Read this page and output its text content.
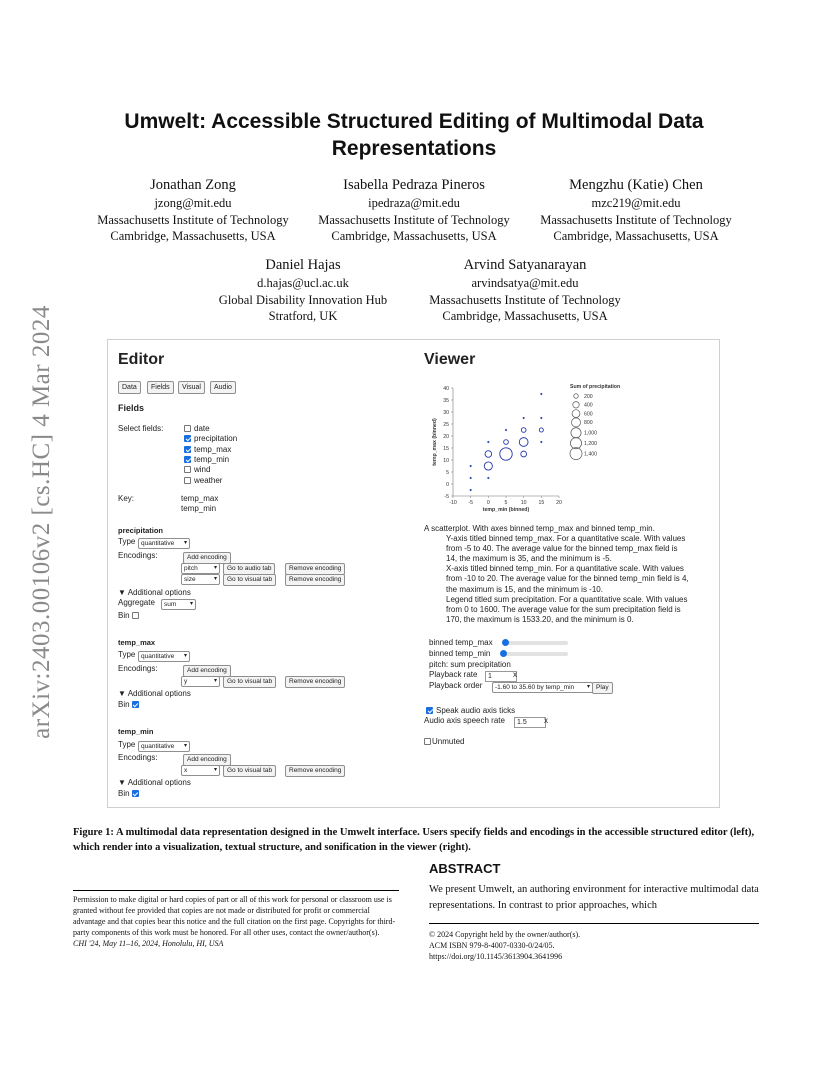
arXiv:2403.00106v2 [cs.HC] 4 Mar 2024
Umwelt: Accessible Structured Editing of Multimodal Data
Representations
Jonathan Zong
jzong@mit.edu
Massachusetts Institute of Technology
Cambridge, Massachusetts, USA
Isabella Pedraza Pineros
ipedraza@mit.edu
Massachusetts Institute of Technology
Cambridge, Massachusetts, USA
Mengzhu (Katie) Chen
mzc219@mit.edu
Massachusetts Institute of Technology
Cambridge, Massachusetts, USA
Daniel Hajas
d.hajas@ucl.ac.uk
Global Disability Innovation Hub
Stratford, UK
Arvind Satyanarayan
arvindsatya@mit.edu
Massachusetts Institute of Technology
Cambridge, Massachusetts, USA
Editor
Data	Fields	Visual	Audio
Fields
Select fields:	date
precipitation
temp_max
temp_min
wind
weather
Key:	temp_max
temp_min
precipitation
Type quantitative ▾
Encodings:	Add encoding
pitch ▾	Go to audio tab	Remove encoding
size ▾	Go to visual tab	Remove encoding
▼ Additional options
Aggregate	sum ▾
Bin
temp_max
Type quantitative ▾
Encodings:	Add encoding
y ▾	Go to visual tab	Remove encoding
▼ Additional options
Bin
temp_min
Type quantitative ▾
Encodings:	Add encoding
x ▾	Go to visual tab	Remove encoding
▼ Additional options
Bin
Viewer
-5
0
5
10
15
20
25
30
35
40
-10 -5	0	5	10 15 20
temp_min (binned)
temp_max (binned)
Sum of precipitation
200
400
600
800
1,000
1,200
1,400
A scatterplot. With axes binned temp_max and binned temp_min.
Y-axis titled binned temp_max. For a quantitative scale. With values
from -5 to 40. The average value for the binned temp_max field is
14, the maximum is 35, and the minimum is -5.
X-axis titled binned temp_min. For a quantitative scale. With values
from -10 to 20. The average value for the binned temp_min field is 4,
the maximum is 15, and the minimum is -10.
Legend titled sum precipitation. For a quantitative scale. With values
from 0 to 1600. The average value for the sum precipitation field is
170, the maximum is 1533.20, and the minimum is 0.
binned temp_max
binned temp_min
pitch: sum precipitation
Playback rate	1	x
Playback order	-1.60 to 35.60 by temp_min ▾	Play
Speak audio axis ticks
Audio axis speech rate	1.5	x
Unmuted
Figure 1: A multimodal data representation designed in the Umwelt interface. Users specify fields and encodings in the accessible structured editor (left), which render into a visualization, textual structure, and sonification in the viewer (right).
ABSTRACT
We present Umwelt, an authoring environment for interactive multimodal data representations. In contrast to prior approaches, which
© 2024 Copyright held by the owner/author(s).
ACM ISBN 979-8-4007-0330-0/24/05.
https://doi.org/10.1145/3613904.3641996
Permission to make digital or hard copies of part or all of this work for personal or classroom use is granted without fee provided that copies are not made or distributed for profit or commercial advantage and that copies bear this notice and the full citation on the first page. Copyrights for third-party components of this work must be honored. For all other uses, contact the owner/author(s).
CHI '24, May 11–16, 2024, Honolulu, HI, USA
